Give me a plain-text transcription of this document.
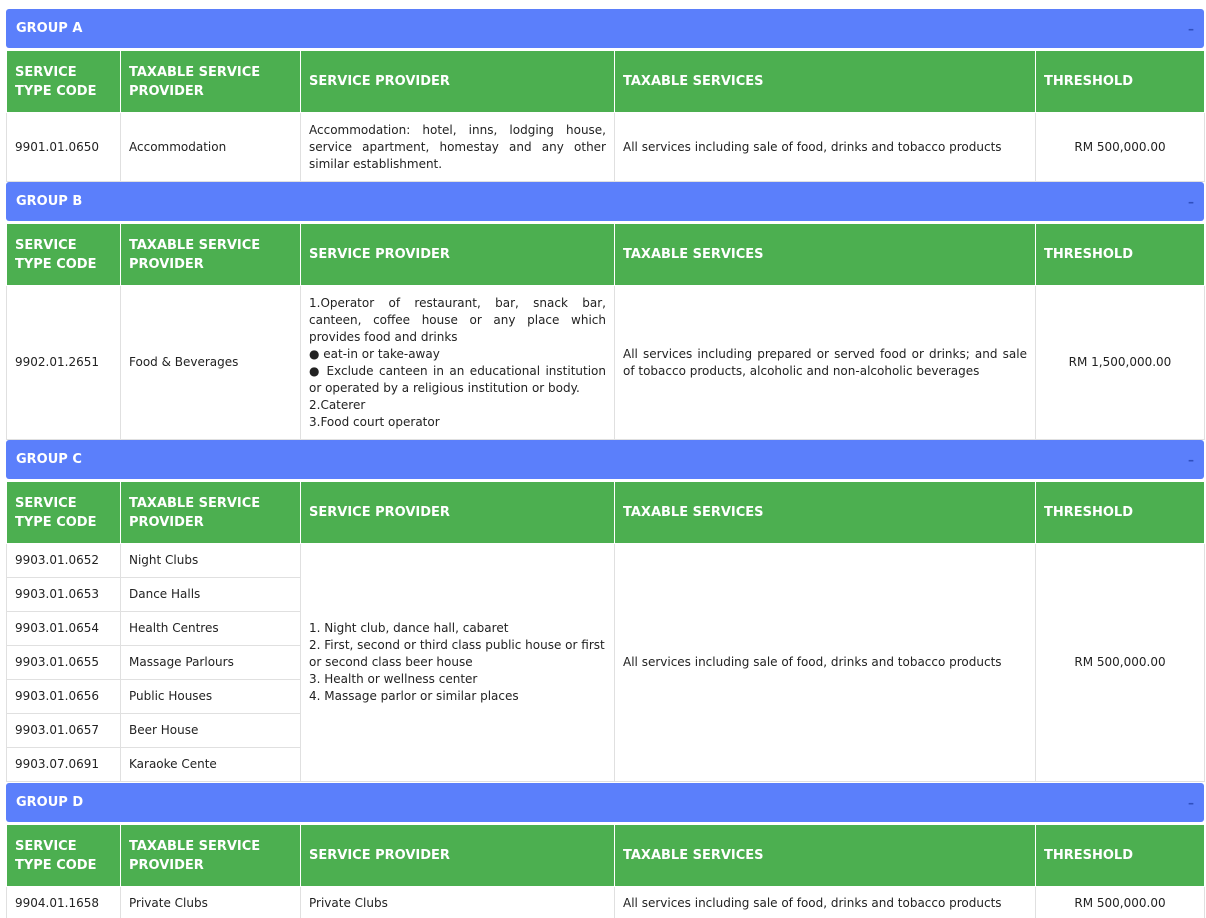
GROUP A	–
SERVICE TYPE CODE	TAXABLE SERVICE PROVIDER	SERVICE PROVIDER	TAXABLE SERVICES	THRESHOLD
9901.01.0650	Accommodation	Accommodation: hotel, inns, lodging house, service apartment, homestay and any other similar establishment.	All services including sale of food, drinks and tobacco products	RM 500,000.00
GROUP B	–
SERVICE TYPE CODE	TAXABLE SERVICE PROVIDER	SERVICE PROVIDER	TAXABLE SERVICES	THRESHOLD
9902.01.2651	Food & Beverages	1.Operator of restaurant, bar, snack bar, canteen, coffee house or any place which provides food and drinks
● eat-in or take-away
● Exclude canteen in an educational institution or operated by a religious institution or body.
2.Caterer
3.Food court operator	All services including prepared or served food or drinks; and sale of tobacco products, alcoholic and non-alcoholic beverages	RM 1,500,000.00
GROUP C	–
SERVICE TYPE CODE	TAXABLE SERVICE PROVIDER	SERVICE PROVIDER	TAXABLE SERVICES	THRESHOLD
9903.01.0652	Night Clubs	1. Night club, dance hall, cabaret
2. First, second or third class public house or first or second class beer house
3. Health or wellness center
4. Massage parlor or similar places	All services including sale of food, drinks and tobacco products	RM 500,000.00
9903.01.0653	Dance Halls			
9903.01.0654	Health Centres			
9903.01.0655	Massage Parlours			
9903.01.0656	Public Houses			
9903.01.0657	Beer House			
9903.07.0691	Karaoke Cente			
GROUP D	–
SERVICE TYPE CODE	TAXABLE SERVICE PROVIDER	SERVICE PROVIDER	TAXABLE SERVICES	THRESHOLD
9904.01.1658	Private Clubs	Private Clubs	All services including sale of food, drinks and tobacco products	RM 500,000.00
